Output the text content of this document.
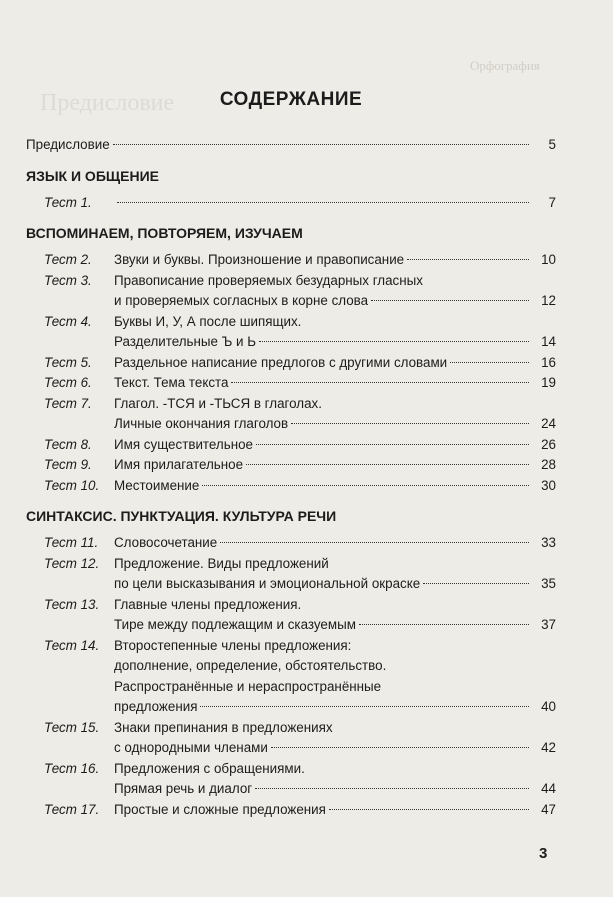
Орфография
Предисловие	СОДЕРЖАНИЕ
Предисловие	5
ЯЗЫК И ОБЩЕНИЕ
Тест 1.	7
ВСПОМИНАЕМ, ПОВТОРЯЕМ, ИЗУЧАЕМ
Тест 2.	Звуки и буквы. Произношение и правописание	10
Тест 3.	Правописание проверяемых безударных гласных
и проверяемых согласных в корне слова	12
Тест 4.	Буквы И, У, А после шипящих.
Разделительные Ъ и Ь	14
Тест 5.	Раздельное написание предлогов с другими словами	16
Тест 6.	Текст. Тема текста	19
Тест 7.	Глагол. -ТСЯ и -ТЬСЯ в глаголах.
Личные окончания глаголов	24
Тест 8.	Имя существительное	26
Тест 9.	Имя прилагательное	28
Тест 10.	Местоимение	30
СИНТАКСИС. ПУНКТУАЦИЯ. КУЛЬТУРА РЕЧИ
Тест 11.	Словосочетание	33
Тест 12.	Предложение. Виды предложений
по цели высказывания и эмоциональной окраске	35
Тест 13.	Главные члены предложения.
Тире между подлежащим и сказуемым	37
Тест 14.	Второстепенные члены предложения:
дополнение, определение, обстоятельство.
Распространённые и нераспространённые
предложения	40
Тест 15.	Знаки препинания в предложениях
с однородными членами	42
Тест 16.	Предложения с обращениями.
Прямая речь и диалог	44
Тест 17.	Простые и сложные предложения	47
3
